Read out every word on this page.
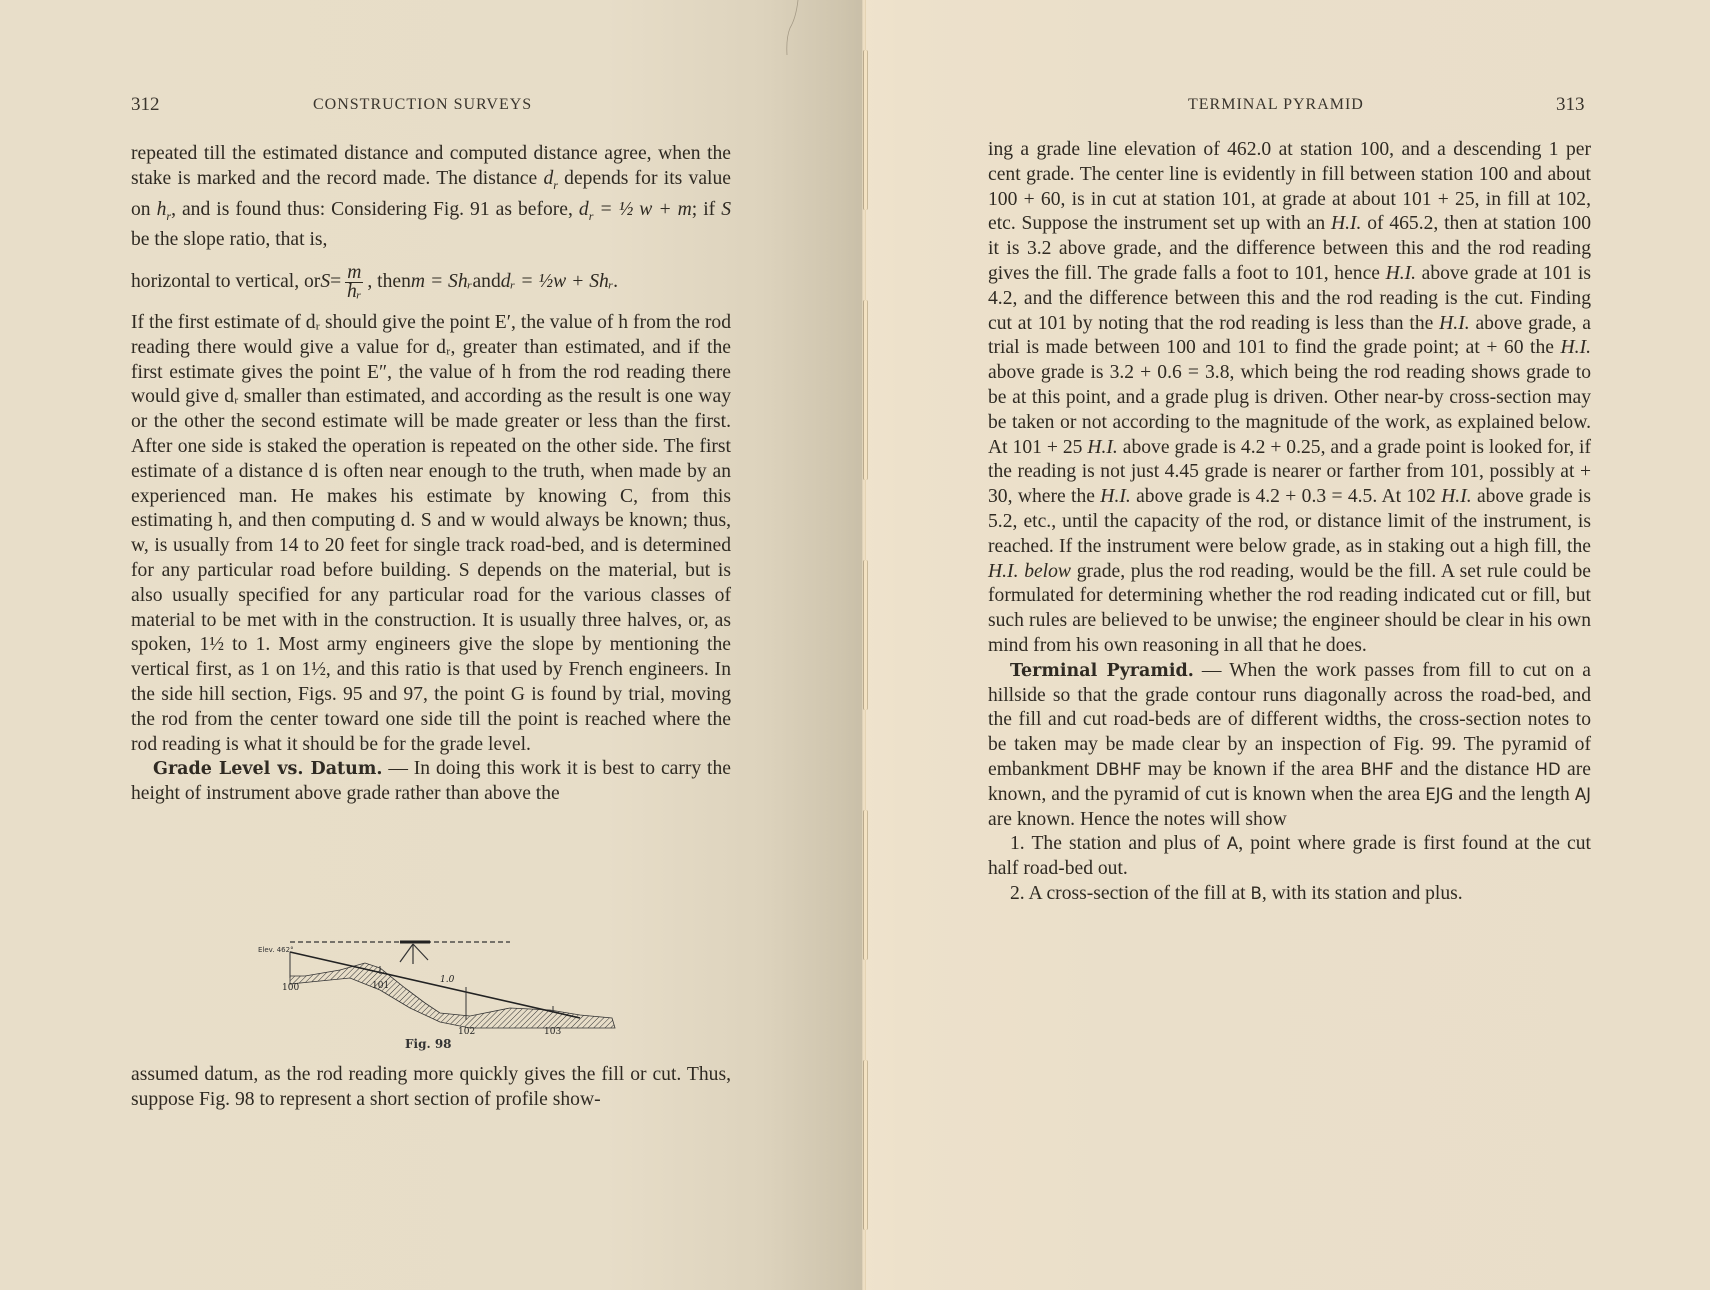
312	CONSTRUCTION SURVEYS

repeated till the estimated distance and computed distance agree, when the stake is marked and the record made. The distance $d_r$ depends for its value on $h_r$, and is found thus: Considering Fig. 91 as before, $d_r$ = ½ w + m; if S be the slope ratio, that is,

horizontal to vertical, or $S = \frac{m}{\text{hᵣ}}$ , then m = Shᵣ and dᵣ = ½w + Shᵣ.

If the first estimate of dᵣ should give the point E′, the value of h from the rod reading there would give a value for dᵣ, greater than estimated, and if the first estimate gives the point E″, the value of h from the rod reading there would give dᵣ smaller than estimated, and according as the result is one way or the other the second estimate will be made greater or less than the first. After one side is staked the operation is repeated on the other side. The first estimate of a distance d is often near enough to the truth, when made by an experienced man. He makes his estimate by knowing C, from this estimating h, and then computing d. S and w would always be known; thus, w, is usually from 14 to 20 feet for single track road-bed, and is determined for any particular road before building. S depends on the material, but is also usually specified for any particular road for the various classes of material to be met with in the construction. It is usually three halves, or, as spoken, 1½ to 1. Most army engineers give the slope by mentioning the vertical first, as 1 on 1½, and this ratio is that used by French engineers. In the side hill section, Figs. 95 and 97, the point G is found by trial, moving the rod from the center toward one side till the point is reached where the rod reading is what it should be for the grade level.

Grade Level vs. Datum. — In doing this work it is best to carry the height of instrument above grade rather than above the

Elev. 462°
1.0
100	101
102	103
Fig. 98

assumed datum, as the rod reading more quickly gives the fill or cut. Thus, suppose Fig. 98 to represent a short section of profile show-

TERMINAL PYRAMID	313

ing a grade line elevation of 462.0 at station 100, and a descending 1 per cent grade. The center line is evidently in fill between station 100 and about 100 + 60, is in cut at station 101, at grade at about 101 + 25, in fill at 102, etc. Suppose the instrument set up with an H.I. of 465.2, then at station 100 it is 3.2 above grade, and the difference between this and the rod reading gives the fill. The grade falls a foot to 101, hence H.I. above grade at 101 is 4.2, and the difference between this and the rod reading is the cut. Finding cut at 101 by noting that the rod reading is less than the H.I. above grade, a trial is made between 100 and 101 to find the grade point; at + 60 the H.I. above grade is 3.2 + 0.6 = 3.8, which being the rod reading shows grade to be at this point, and a grade plug is driven. Other near-by cross-section may be taken or not according to the magnitude of the work, as explained below. At 101 + 25 H.I. above grade is 4.2 + 0.25, and a grade point is looked for, if the reading is not just 4.45 grade is nearer or farther from 101, possibly at + 30, where the H.I. above grade is 4.2 + 0.3 = 4.5. At 102 H.I. above grade is 5.2, etc., until the capacity of the rod, or distance limit of the instrument, is reached. If the instrument were below grade, as in staking out a high fill, the H.I. below grade, plus the rod reading, would be the fill. A set rule could be formulated for determining whether the rod reading indicated cut or fill, but such rules are believed to be unwise; the engineer should be clear in his own mind from his own reasoning in all that he does.

Terminal Pyramid. — When the work passes from fill to cut on a hillside so that the grade contour runs diagonally across the road-bed, and the fill and cut road-beds are of different widths, the cross-section notes to be taken may be made clear by an inspection of Fig. 99. The pyramid of embankment DBHF may be known if the area BHF and the distance HD are known, and the pyramid of cut is known when the area EJG and the length AJ are known. Hence the notes will show

1. The station and plus of A, point where grade is first found at the cut half road-bed out.

2. A cross-section of the fill at B, with its station and plus.
